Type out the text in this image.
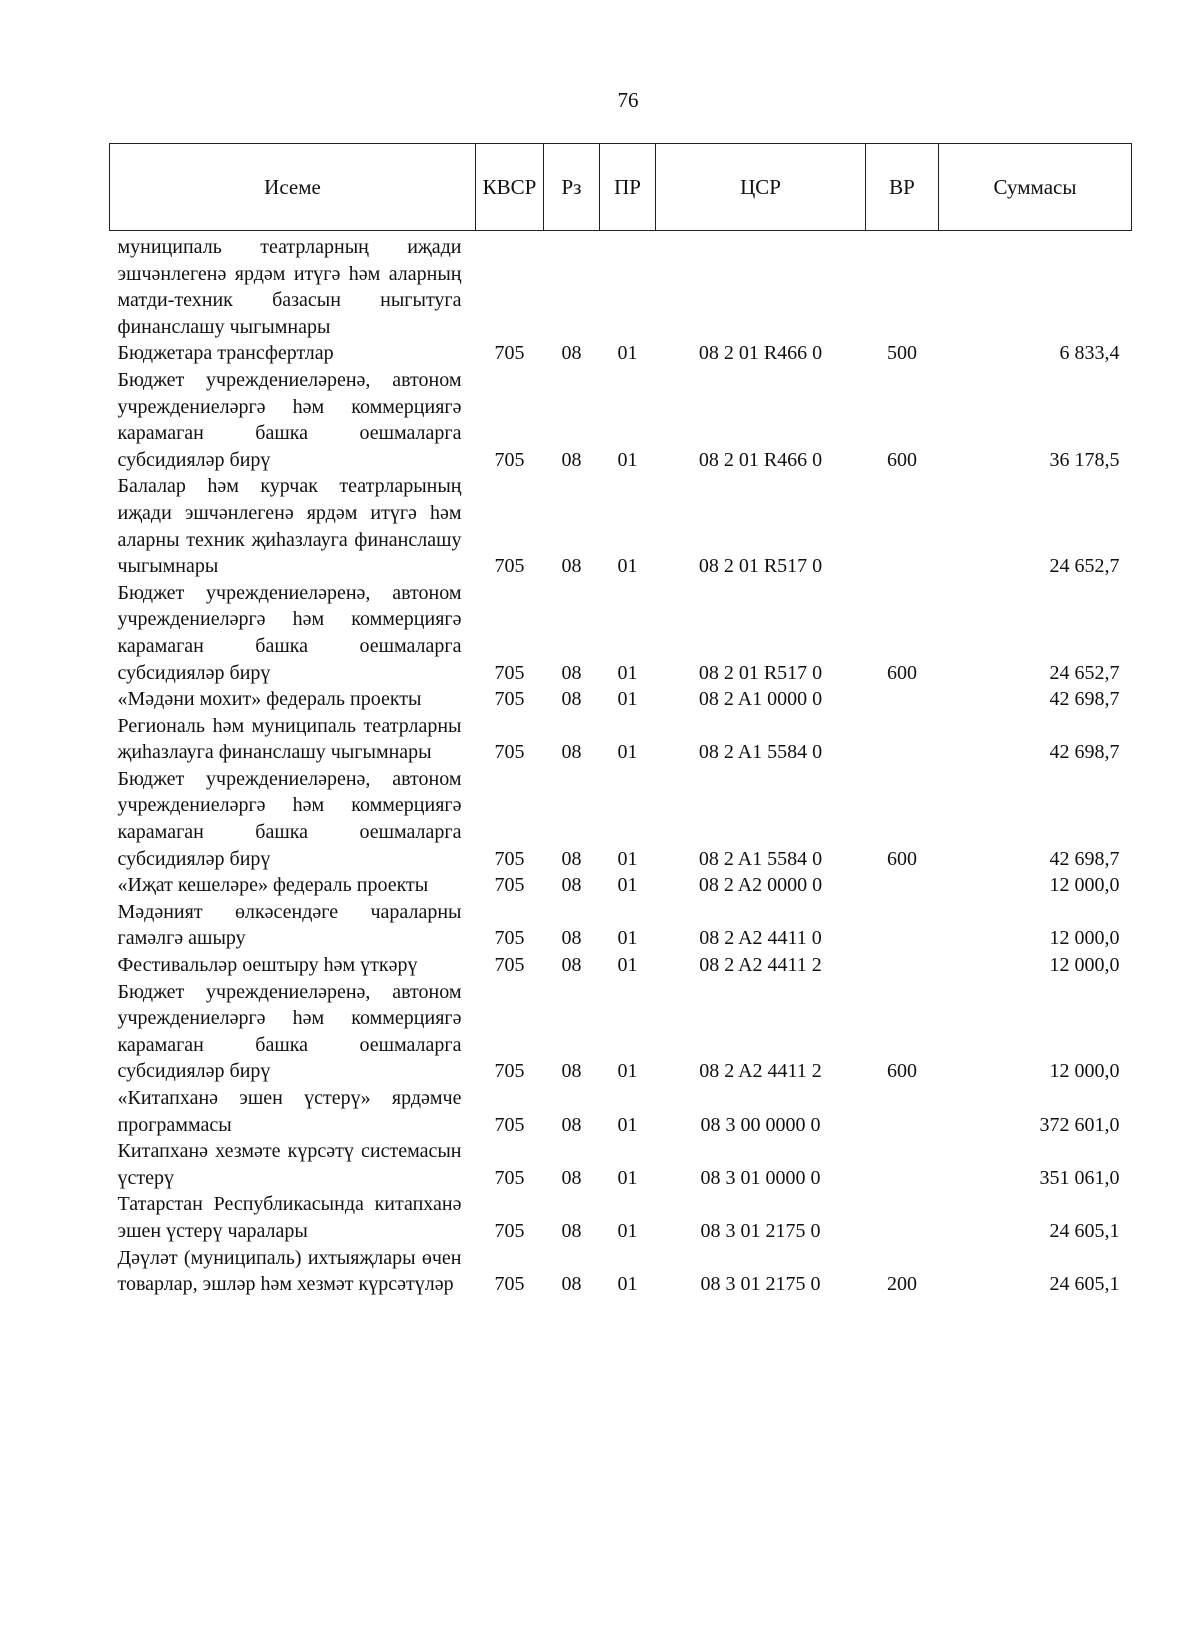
76
Исеме	КВСР	Рз	ПР	ЦСР	ВР	Суммасы
муниципаль театрларның иҗади эшчәнлегенә ярдәм итүгә һәм аларның матди-техник базасын ныгытуга финанслашу чыгымнары						
Бюджетара трансфертлар	705	08	01	08 2 01 R466 0	500	6 833,4
Бюджет учреждениеләренә, автоном учреждениеләргә һәм коммерциягә карамаган башка оешмаларга субсидияләр бирү	705	08	01	08 2 01 R466 0	600	36 178,5
Балалар һәм курчак театрларының иҗади эшчәнлегенә ярдәм итүгә һәм аларны техник җиһазлауга финанслашу чыгымнары	705	08	01	08 2 01 R517 0		24 652,7
Бюджет учреждениеләренә, автоном учреждениеләргә һәм коммерциягә карамаган башка оешмаларга субсидияләр бирү	705	08	01	08 2 01 R517 0	600	24 652,7
«Мәдәни мохит» федераль проекты	705	08	01	08 2 A1 0000 0		42 698,7
Региональ һәм муниципаль театрларны җиһазлауга финанслашу чыгымнары	705	08	01	08 2 A1 5584 0		42 698,7
Бюджет учреждениеләренә, автоном учреждениеләргә һәм коммерциягә карамаган башка оешмаларга субсидияләр бирү	705	08	01	08 2 A1 5584 0	600	42 698,7
«Иҗат кешеләре» федераль проекты	705	08	01	08 2 A2 0000 0		12 000,0
Мәдәният өлкәсендәге чараларны гамәлгә ашыру	705	08	01	08 2 A2 4411 0		12 000,0
Фестивальләр оештыру һәм үткәрү	705	08	01	08 2 A2 4411 2		12 000,0
Бюджет учреждениеләренә, автоном учреждениеләргә һәм коммерциягә карамаган башка оешмаларга субсидияләр бирү	705	08	01	08 2 A2 4411 2	600	12 000,0
«Китапханә эшен үстерү» ярдәмче программасы	705	08	01	08 3 00 0000 0		372 601,0
Китапханә хезмәте күрсәтү системасын үстерү	705	08	01	08 3 01 0000 0		351 061,0
Татарстан Республикасында китапханә эшен үстерү чаралары	705	08	01	08 3 01 2175 0		24 605,1
Дәүләт (муниципаль) ихтыяҗлары өчен товарлар, эшләр һәм хезмәт күрсәтүләр	705	08	01	08 3 01 2175 0	200	24 605,1
